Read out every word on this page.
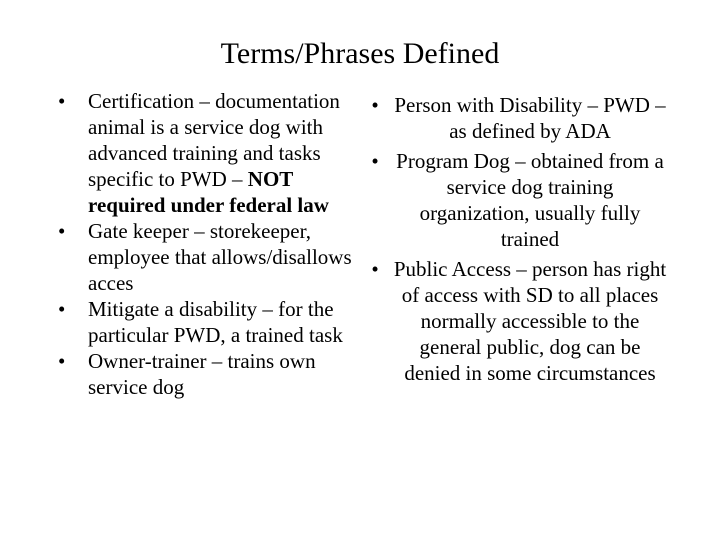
Terms/Phrases Defined
•	Certification – documentation animal is a service dog with advanced training and tasks specific to PWD – NOT required under federal law
•	Gate keeper – storekeeper, employee that allows/disallows acces
•	Mitigate a disability – for the particular PWD, a trained task
•	Owner-trainer – trains own service dog
• Person with Disability – PWD – as defined by ADA
• Program Dog – obtained from a service dog training organization, usually fully trained
• Public Access – person has right of access with SD to all places normally accessible to the general public, dog can be denied in some circumstances
